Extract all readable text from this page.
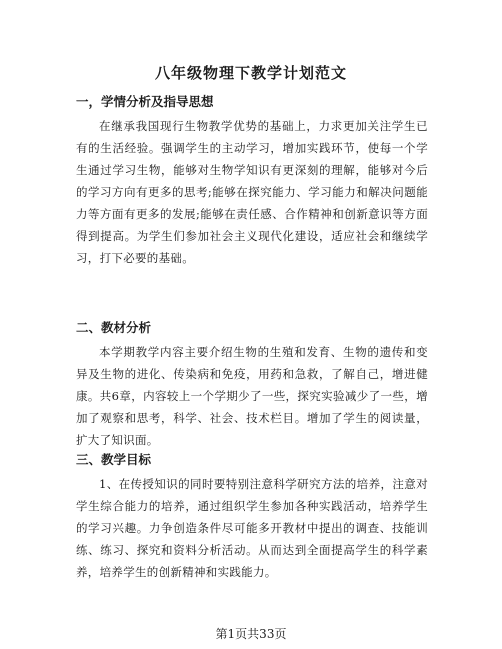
八年级物理下教学计划范文
一，学情分析及指导思想
在继承我国现行生物教学优势的基础上，力求更加关注学生已有的生活经验。强调学生的主动学习，增加实践环节，使每一个学生通过学习生物，能够对生物学知识有更深刻的理解，能够对今后的学习方向有更多的思考;能够在探究能力、学习能力和解决问题能力等方面有更多的发展;能够在责任感、合作精神和创新意识等方面得到提高。为学生们参加社会主义现代化建设，适应社会和继续学习，打下必要的基础。
二、教材分析
本学期教学内容主要介绍生物的生殖和发育、生物的遗传和变异及生物的进化、传染病和免疫，用药和急救，了解自己，增进健康。共6章，内容较上一个学期少了一些，探究实验减少了一些，增加了观察和思考，科学、社会、技术栏目。增加了学生的阅读量，扩大了知识面。
三、教学目标
1、在传授知识的同时要特别注意科学研究方法的培养，注意对学生综合能力的培养，通过组织学生参加各种实践活动，培养学生的学习兴趣。力争创造条件尽可能多开教材中提出的调查、技能训练、练习、探究和资料分析活动。从而达到全面提高学生的科学素养，培养学生的创新精神和实践能力。
第1页共33页
